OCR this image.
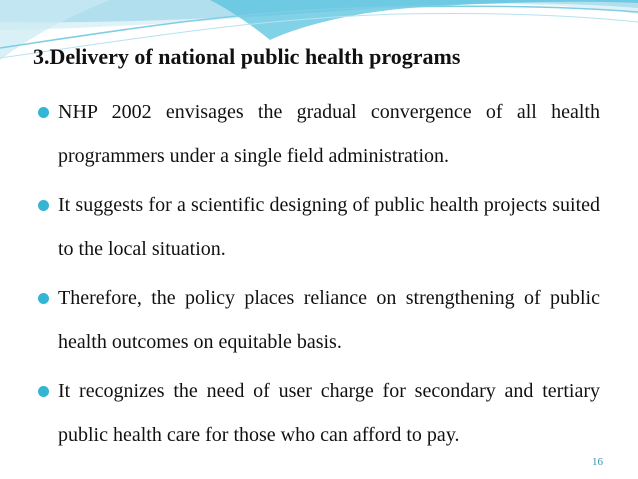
3.Delivery of national public health programs
NHP 2002 envisages the gradual convergence of all health programmers under a single field administration.
It suggests for a scientific designing of public health projects suited to the local situation.
Therefore, the policy places reliance on strengthening of public health outcomes on equitable basis.
It recognizes the need of user charge for secondary and tertiary public health care for those who can afford to pay.
16
